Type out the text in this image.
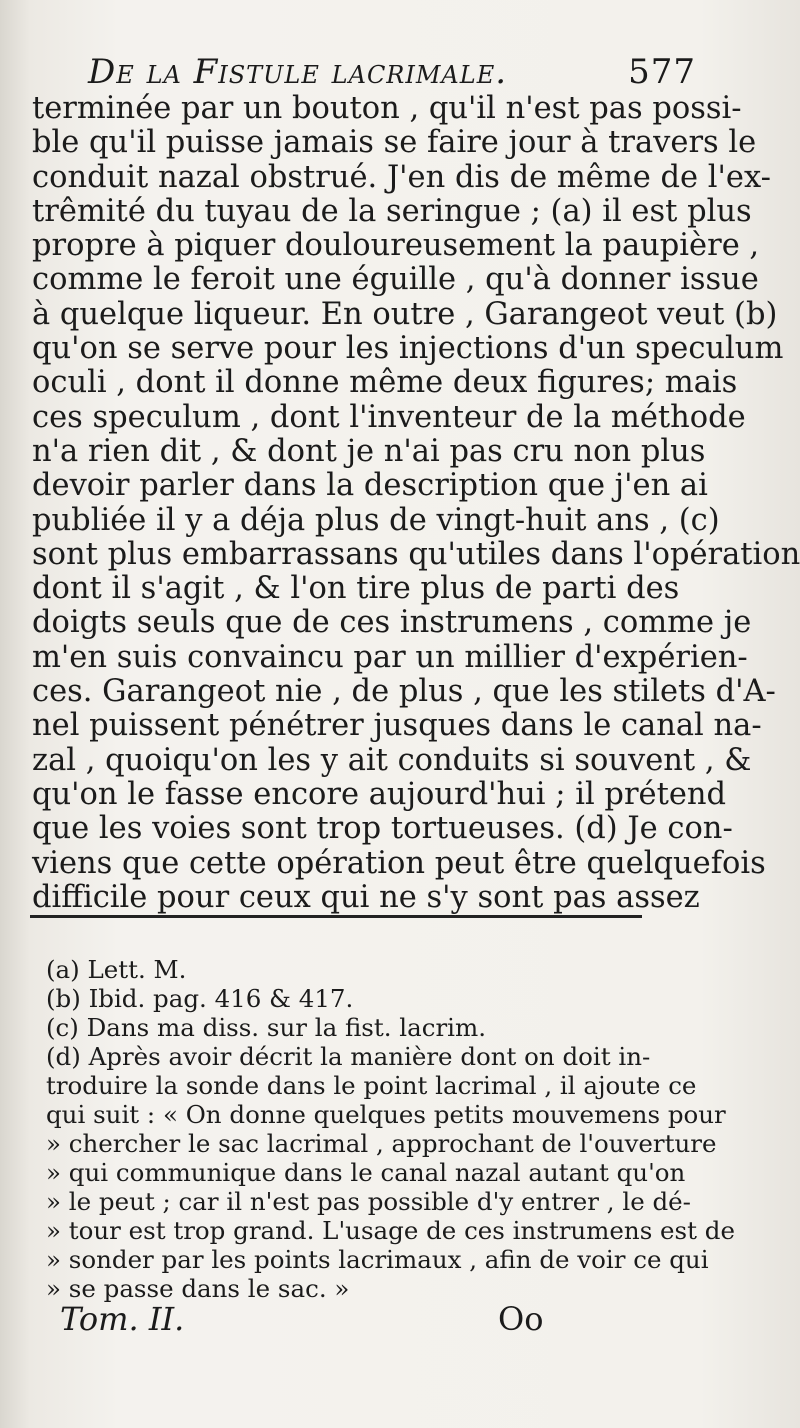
De la Fistule lacrimale.	577
terminée par un bouton , qu'il n'est pas possi-
ble qu'il puisse jamais se faire jour à travers le
conduit nazal obstrué. J'en dis de même de l'ex-
trêmité du tuyau de la seringue ; (a) il est plus
propre à piquer douloureusement la paupière ,
comme le feroit une éguille , qu'à donner issue
à quelque liqueur. En outre , Garangeot veut (b)
qu'on se serve pour les injections d'un speculum
oculi , dont il donne même deux figures; mais
ces speculum , dont l'inventeur de la méthode
n'a rien dit , & dont je n'ai pas cru non plus
devoir parler dans la description que j'en ai
publiée il y a déja plus de vingt-huit ans , (c)
sont plus embarrassans qu'utiles dans l'opération
dont il s'agit , & l'on tire plus de parti des
doigts seuls que de ces instrumens , comme je
m'en suis convaincu par un millier d'expérien-
ces. Garangeot nie , de plus , que les stilets d'A-
nel puissent pénétrer jusques dans le canal na-
zal , quoiqu'on les y ait conduits si souvent , &
qu'on le fasse encore aujourd'hui ; il prétend
que les voies sont trop tortueuses. (d) Je con-
viens que cette opération peut être quelquefois
difficile pour ceux qui ne s'y sont pas assez
(a) Lett. M.
(b) Ibid. pag. 416 & 417.
(c) Dans ma diss. sur la fist. lacrim.
(d) Après avoir décrit la manière dont on doit in-
troduire la sonde dans le point lacrimal , il ajoute ce
qui suit : « On donne quelques petits mouvemens pour
» chercher le sac lacrimal , approchant de l'ouverture
» qui communique dans le canal nazal autant qu'on
» le peut ; car il n'est pas possible d'y entrer , le dé-
» tour est trop grand. L'usage de ces instrumens est de
» sonder par les points lacrimaux , afin de voir ce qui
» se passe dans le sac. »
Tom. II.	Oo
